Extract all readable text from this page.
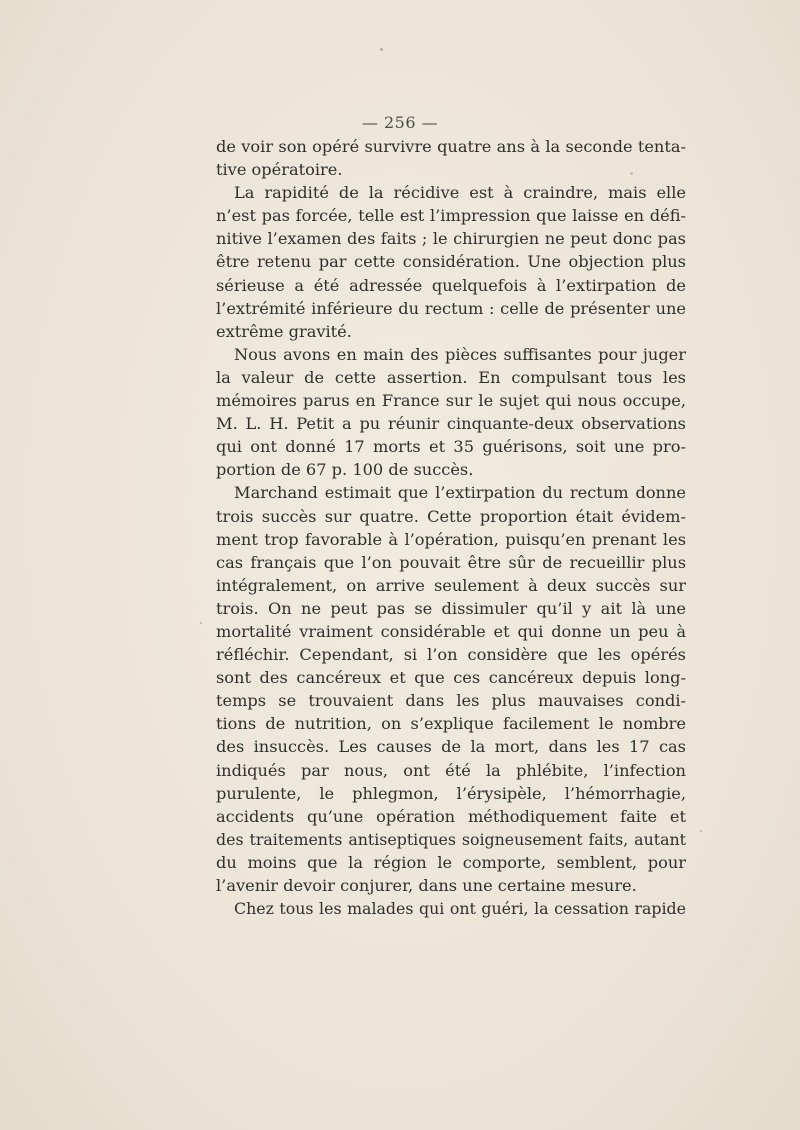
— 256 —
de voir son opéré survivre quatre ans à la seconde tenta-
tive opératoire.
La rapidité de la récidive est à craindre, mais elle
n’est pas forcée, telle est l’impression que laisse en défi-
nitive l’examen des faits ; le chirurgien ne peut donc pas
être retenu par cette considération. Une objection plus
sérieuse a été adressée quelquefois à l’extirpation de
l’extrémité inférieure du rectum : celle de présenter une
extrême gravité.
Nous avons en main des pièces suffisantes pour juger
la valeur de cette assertion. En compulsant tous les
mémoires parus en France sur le sujet qui nous occupe,
M. L. H. Petit a pu réunir cinquante-deux observations
qui ont donné 17 morts et 35 guérisons, soit une pro-
portion de 67 p. 100 de succès.
Marchand estimait que l’extirpation du rectum donne
trois succès sur quatre. Cette proportion était évidem-
ment trop favorable à l’opération, puisqu’en prenant les
cas français que l’on pouvait être sûr de recueillir plus
intégralement, on arrive seulement à deux succès sur
trois. On ne peut pas se dissimuler qu’il y ait là une
mortalité vraiment considérable et qui donne un peu à
réfléchir. Cependant, si l’on considère que les opérés
sont des cancéreux et que ces cancéreux depuis long-
temps se trouvaient dans les plus mauvaises condi-
tions de nutrition, on s’explique facilement le nombre
des insuccès. Les causes de la mort, dans les 17 cas
indiqués par nous, ont été la phlébite, l’infection
purulente, le phlegmon, l’érysipèle, l’hémorrhagie,
accidents qu’une opération méthodiquement faite et
des traitements antiseptiques soigneusement faits, autant
du moins que la région le comporte, semblent, pour
l’avenir devoir conjurer, dans une certaine mesure.
Chez tous les malades qui ont guéri, la cessation rapide
